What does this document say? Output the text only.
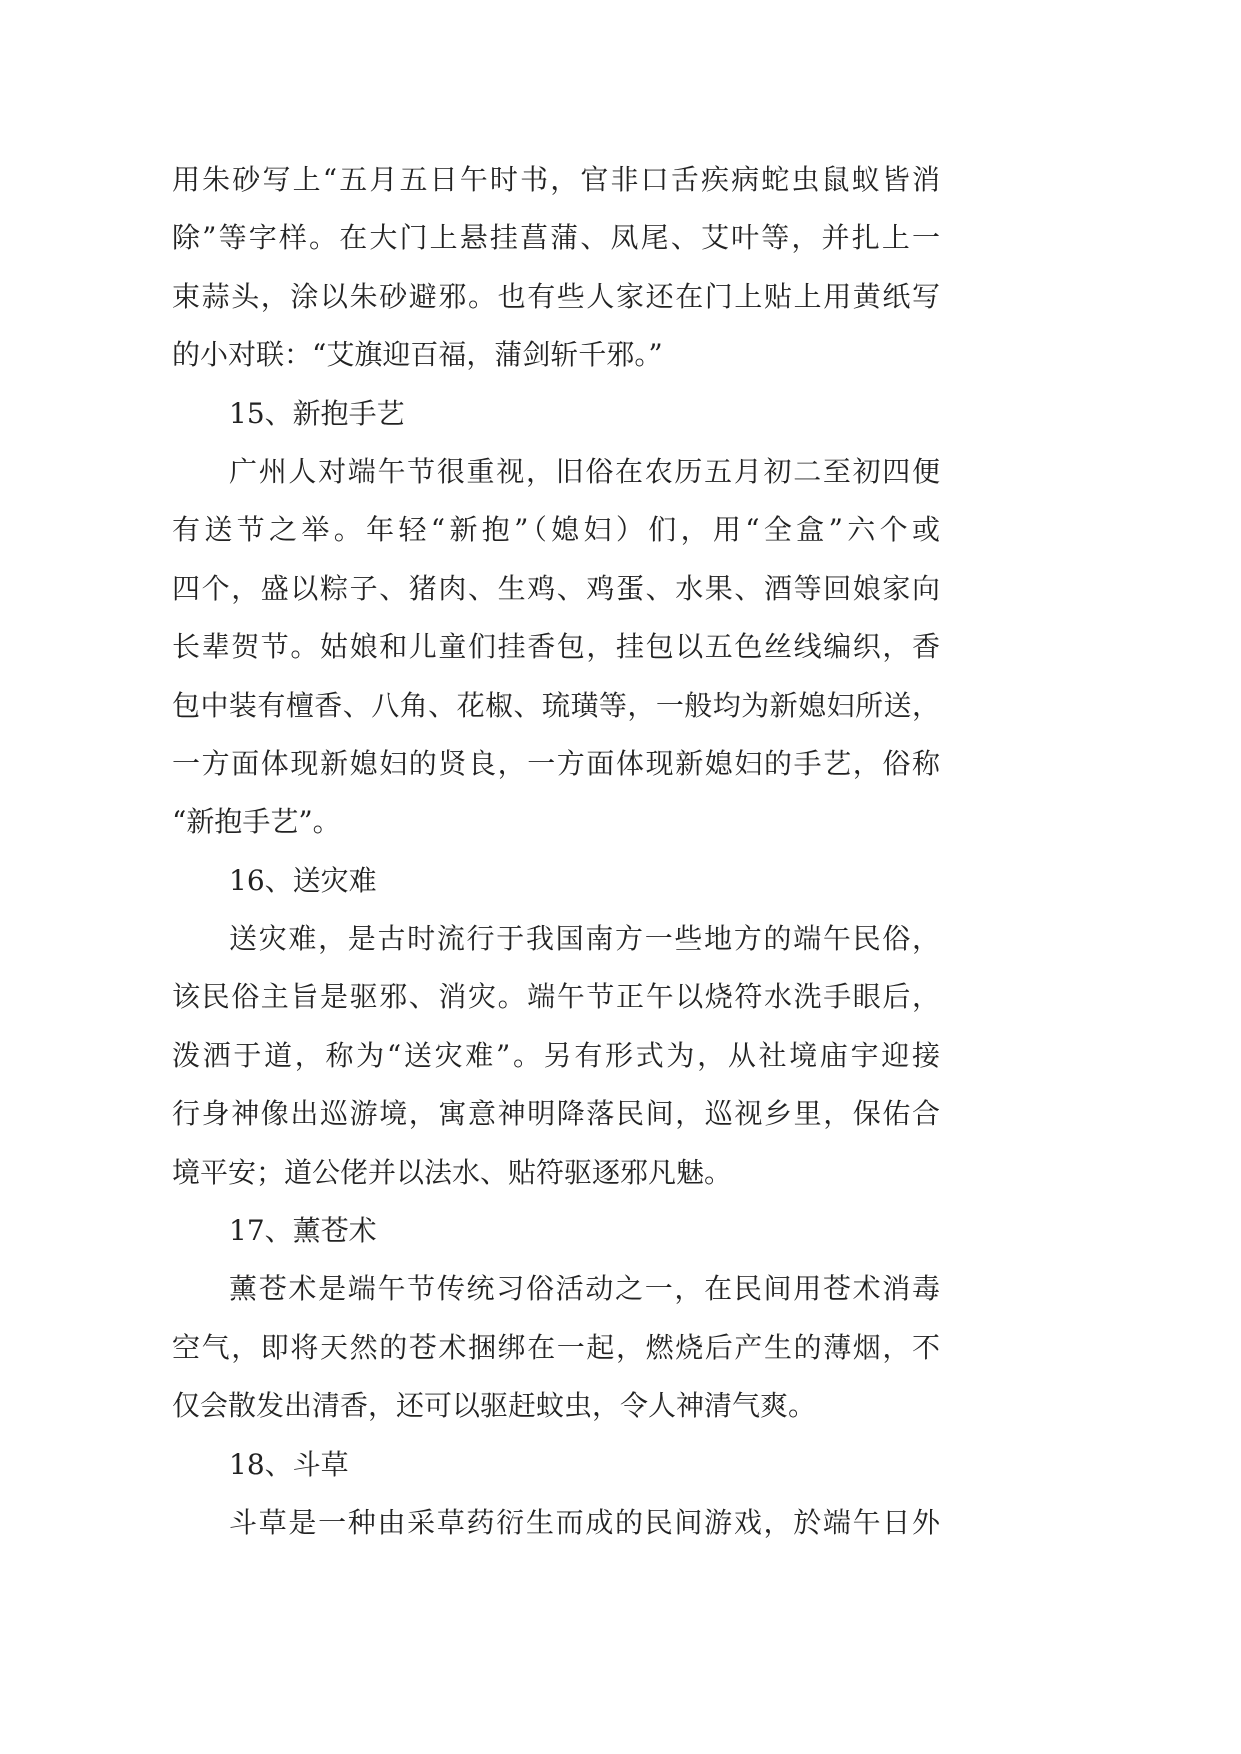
用朱砂写上“五月五日午时书，官非口舌疾病蛇虫鼠蚁皆消
除”等字样。在大门上悬挂菖蒲、凤尾、艾叶等，并扎上一
束蒜头，涂以朱砂避邪。也有些人家还在门上贴上用黄纸写
的小对联：“艾旗迎百福，蒲剑斩千邪。”
15、新抱手艺
广州人对端午节很重视，旧俗在农历五月初二至初四便
有送节之举。年轻“新抱”（媳妇）们，用“全盒”六个或
四个，盛以粽子、猪肉、生鸡、鸡蛋、水果、酒等回娘家向
长辈贺节。姑娘和儿童们挂香包，挂包以五色丝线编织，香
包中装有檀香、八角、花椒、琉璜等，一般均为新媳妇所送，
一方面体现新媳妇的贤良，一方面体现新媳妇的手艺，俗称
“新抱手艺”。
16、送灾难
送灾难，是古时流行于我国南方一些地方的端午民俗，
该民俗主旨是驱邪、消灾。端午节正午以烧符水洗手眼后，
泼洒于道，称为“送灾难”。另有形式为，从社境庙宇迎接
行身神像出巡游境，寓意神明降落民间，巡视乡里，保佑合
境平安；道公佬并以法水、贴符驱逐邪凡魅。
17、薰苍术
薰苍术是端午节传统习俗活动之一，在民间用苍术消毒
空气，即将天然的苍术捆绑在一起，燃烧后产生的薄烟，不
仅会散发出清香，还可以驱赶蚊虫，令人神清气爽。
18、斗草
斗草是一种由采草药衍生而成的民间游戏，於端午日外
